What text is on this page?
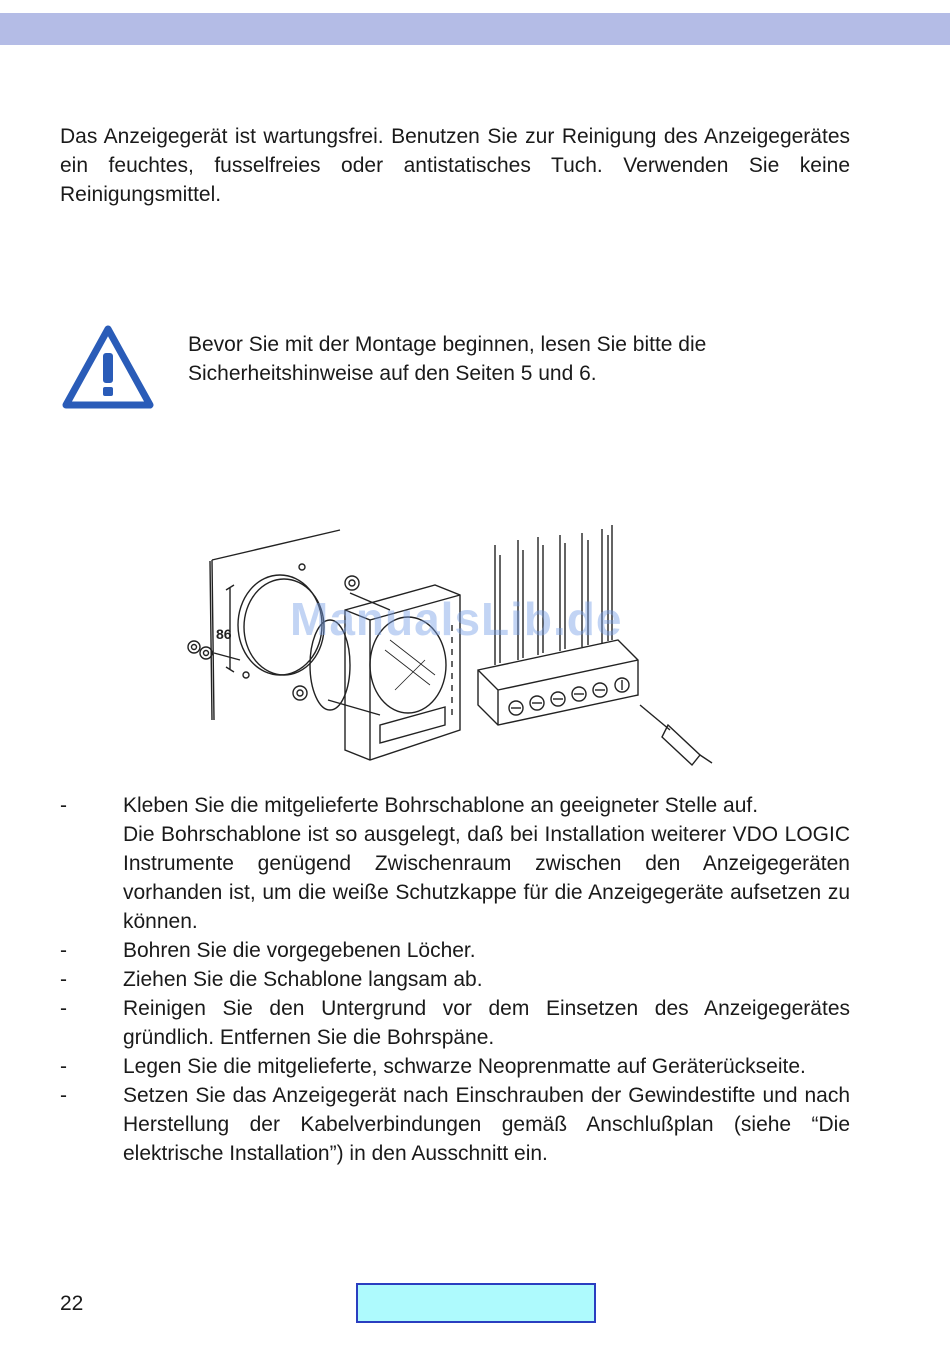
Das Anzeigegerät ist wartungsfrei. Benutzen Sie zur Reinigung des Anzeigegerätes ein feuchtes, fusselfreies oder antistatisches Tuch. Verwenden Sie keine Reinigungsmittel.
Bevor Sie mit der Montage beginnen, lesen Sie bitte die Sicherheitshinweise auf den Seiten 5 und 6.
86 ManualsLib.de
-	Kleben Sie die mitgelieferte Bohrschablone an geeigneter Stelle auf.
Die Bohrschablone ist so ausgelegt, daß bei Installation weiterer VDO LOGIC Instrumente genügend Zwischenraum zwischen den Anzeigegeräten vorhanden ist, um die weiße Schutzkappe für die Anzeigegeräte aufsetzen zu können.
-	Bohren Sie die vorgegebenen Löcher.
-	Ziehen Sie die Schablone langsam ab.
-	Reinigen Sie den Untergrund vor dem Einsetzen des Anzeigegerätes gründlich. Entfernen Sie die Bohrspäne.
-	Legen Sie die mitgelieferte, schwarze Neoprenmatte auf Geräterückseite.
-	Setzen Sie das Anzeigegerät nach Einschrauben der Gewindestifte und nach Herstellung der Kabelverbindungen gemäß Anschlußplan (siehe “Die elektrische Installation”) in den Ausschnitt ein.
22
